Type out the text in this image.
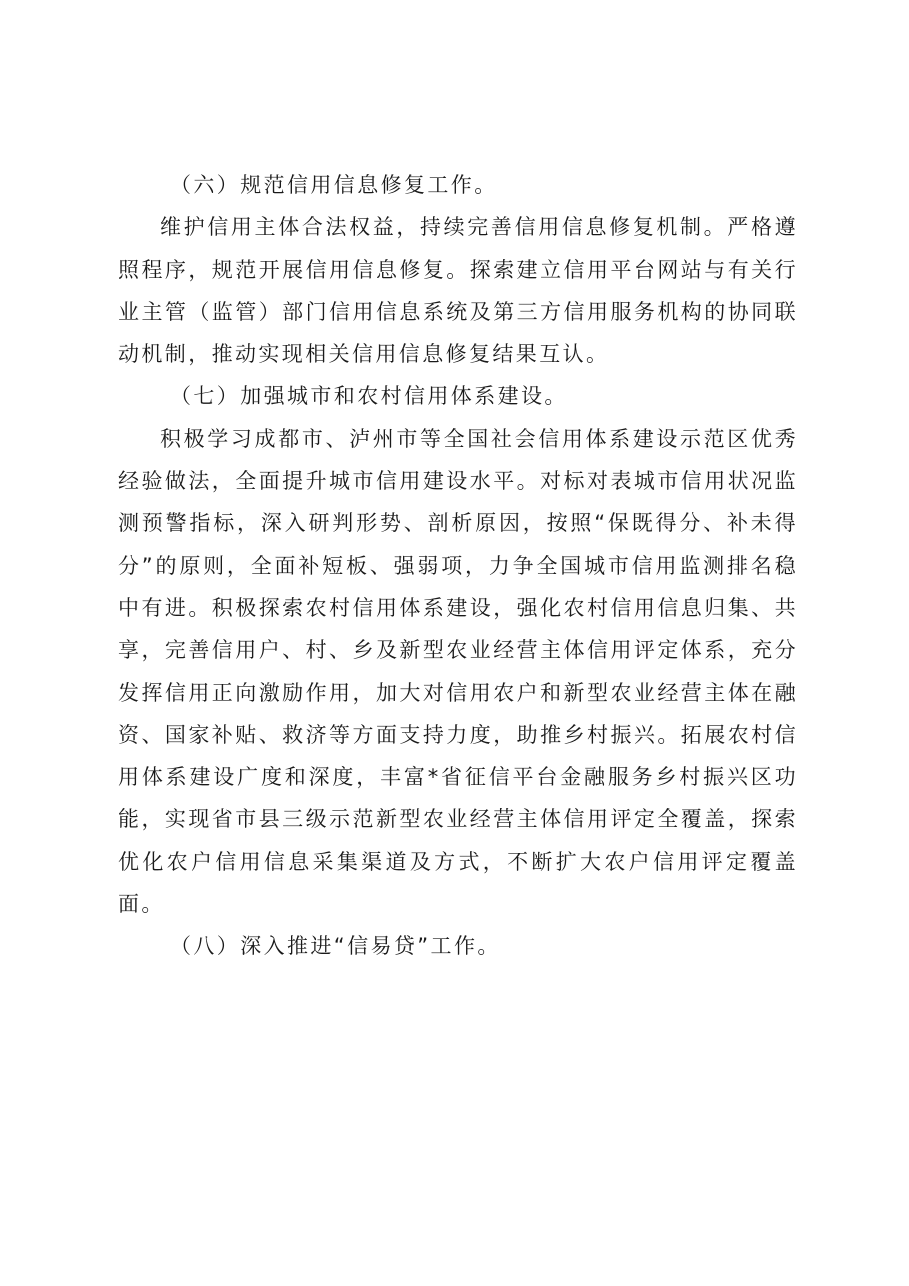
（六）规范信用信息修复工作。

维护信用主体合法权益，持续完善信用信息修复机制。严格遵照程序，规范开展信用信息修复。探索建立信用平台网站与有关行业主管（监管）部门信用信息系统及第三方信用服务机构的协同联动机制，推动实现相关信用信息修复结果互认。

（七）加强城市和农村信用体系建设。

积极学习成都市、泸州市等全国社会信用体系建设示范区优秀经验做法，全面提升城市信用建设水平。对标对表城市信用状况监测预警指标，深入研判形势、剖析原因，按照“保既得分、补未得分”的原则，全面补短板、强弱项，力争全国城市信用监测排名稳中有进。积极探索农村信用体系建设，强化农村信用信息归集、共享，完善信用户、村、乡及新型农业经营主体信用评定体系，充分发挥信用正向激励作用，加大对信用农户和新型农业经营主体在融资、国家补贴、救济等方面支持力度，助推乡村振兴。拓展农村信用体系建设广度和深度，丰富*省征信平台金融服务乡村振兴区功能，实现省市县三级示范新型农业经营主体信用评定全覆盖，探索优化农户信用信息采集渠道及方式，不断扩大农户信用评定覆盖面。

（八）深入推进“信易贷”工作。
